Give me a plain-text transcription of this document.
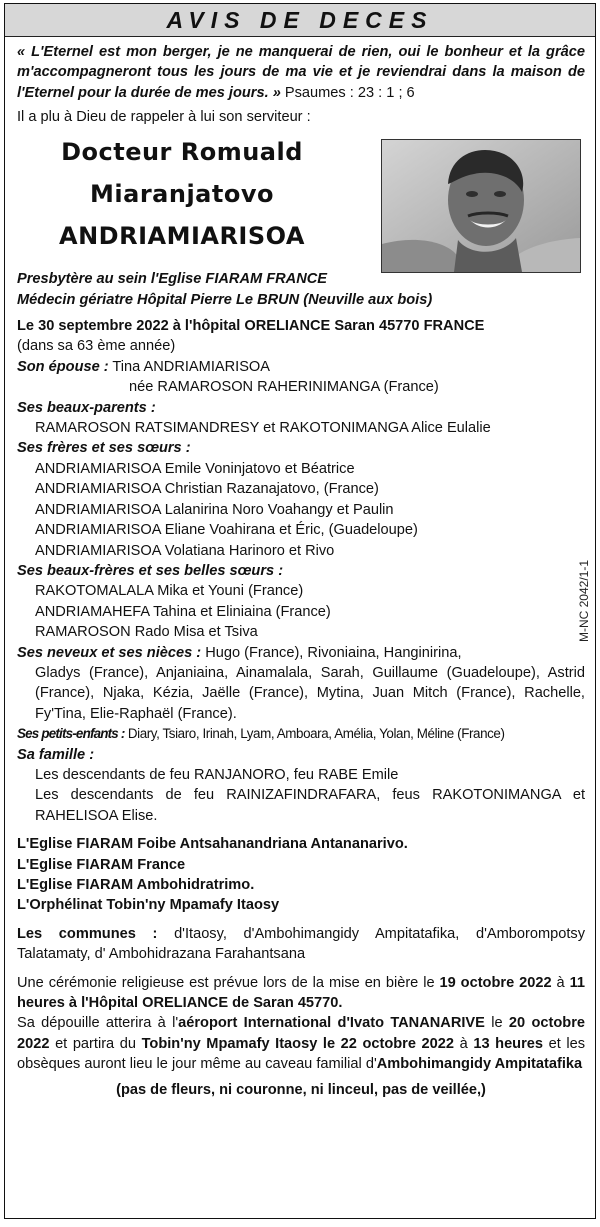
AVIS DE DECES
« L'Eternel est mon berger, je ne manquerai de rien, oui le bonheur et la grâce m'accompagneront tous les jours de ma vie et je reviendrai dans la maison de l'Eternel pour la durée de mes jours. » Psaumes : 23 : 1 ; 6
Il a plu à Dieu de rappeler à lui son serviteur :
Docteur Romuald
Miaranjatovo
ANDRIAMIARISOA
Presbytère au sein l'Eglise FIARAM FRANCE
Médecin gériatre Hôpital Pierre Le BRUN (Neuville aux bois)
Le 30 septembre 2022 à l'hôpital ORELIANCE Saran 45770 FRANCE
(dans sa 63 ème année)
Son épouse : Tina ANDRIAMIARISOA
née RAMAROSON RAHERINIMANGA (France)
Ses beaux-parents :
RAMAROSON RATSIMANDRESY et RAKOTONIMANGA Alice Eulalie
Ses frères et ses sœurs :
ANDRIAMIARISOA Emile Voninjatovo et Béatrice
ANDRIAMIARISOA Christian Razanajatovo, (France)
ANDRIAMIARISOA Lalanirina Noro Voahangy et Paulin
ANDRIAMIARISOA Eliane Voahirana et Éric, (Guadeloupe)
ANDRIAMIARISOA Volatiana Harinoro et Rivo
Ses beaux-frères et ses belles sœurs :
RAKOTOMALALA Mika et Youni (France)
ANDRIAMAHEFA Tahina et Eliniaina (France)
RAMAROSON Rado Misa et Tsiva
Ses neveux et ses nièces : Hugo (France), Rivoniaina, Hanginirina,
Gladys (France), Anjaniaina, Ainamalala, Sarah, Guillaume (Guadeloupe), Astrid (France), Njaka, Kézia, Jaëlle (France), Mytina, Juan Mitch (France), Rachelle, Fy'Tina, Elie-Raphaël (France).
Ses petits-enfants : Diary, Tsiaro, Irinah, Lyam, Amboara, Amélia, Yolan, Méline (France)
Sa famille :
Les descendants de feu RANJANORO, feu RABE Emile
Les descendants de feu RAINIZAFINDRAFARA, feus RAKOTONIMANGA et RAHELISOA Elise.
L'Eglise FIARAM Foibe Antsahanandriana Antananarivo.
L'Eglise FIARAM France
L'Eglise FIARAM Ambohidratrimo.
L'Orphélinat Tobin'ny Mpamafy Itaosy
Les communes : d'Itaosy, d'Ambohimangidy Ampitatafika, d'Amborompotsy Talatamaty, d' Ambohidrazana Farahantsana
Une cérémonie religieuse est prévue lors de la mise en bière le 19 octobre 2022 à 11 heures à l'Hôpital ORELIANCE de Saran 45770.
Sa dépouille atterira à l'aéroport International d'Ivato TANANARIVE le 20 octobre 2022 et partira du Tobin'ny Mpamafy Itaosy le 22 octobre 2022 à 13 heures et les obsèques auront lieu le jour même au caveau familial d'Ambohimangidy Ampitatafika
(pas de fleurs, ni couronne, ni linceul, pas de veillée,)
M-NC 2042/1-1
